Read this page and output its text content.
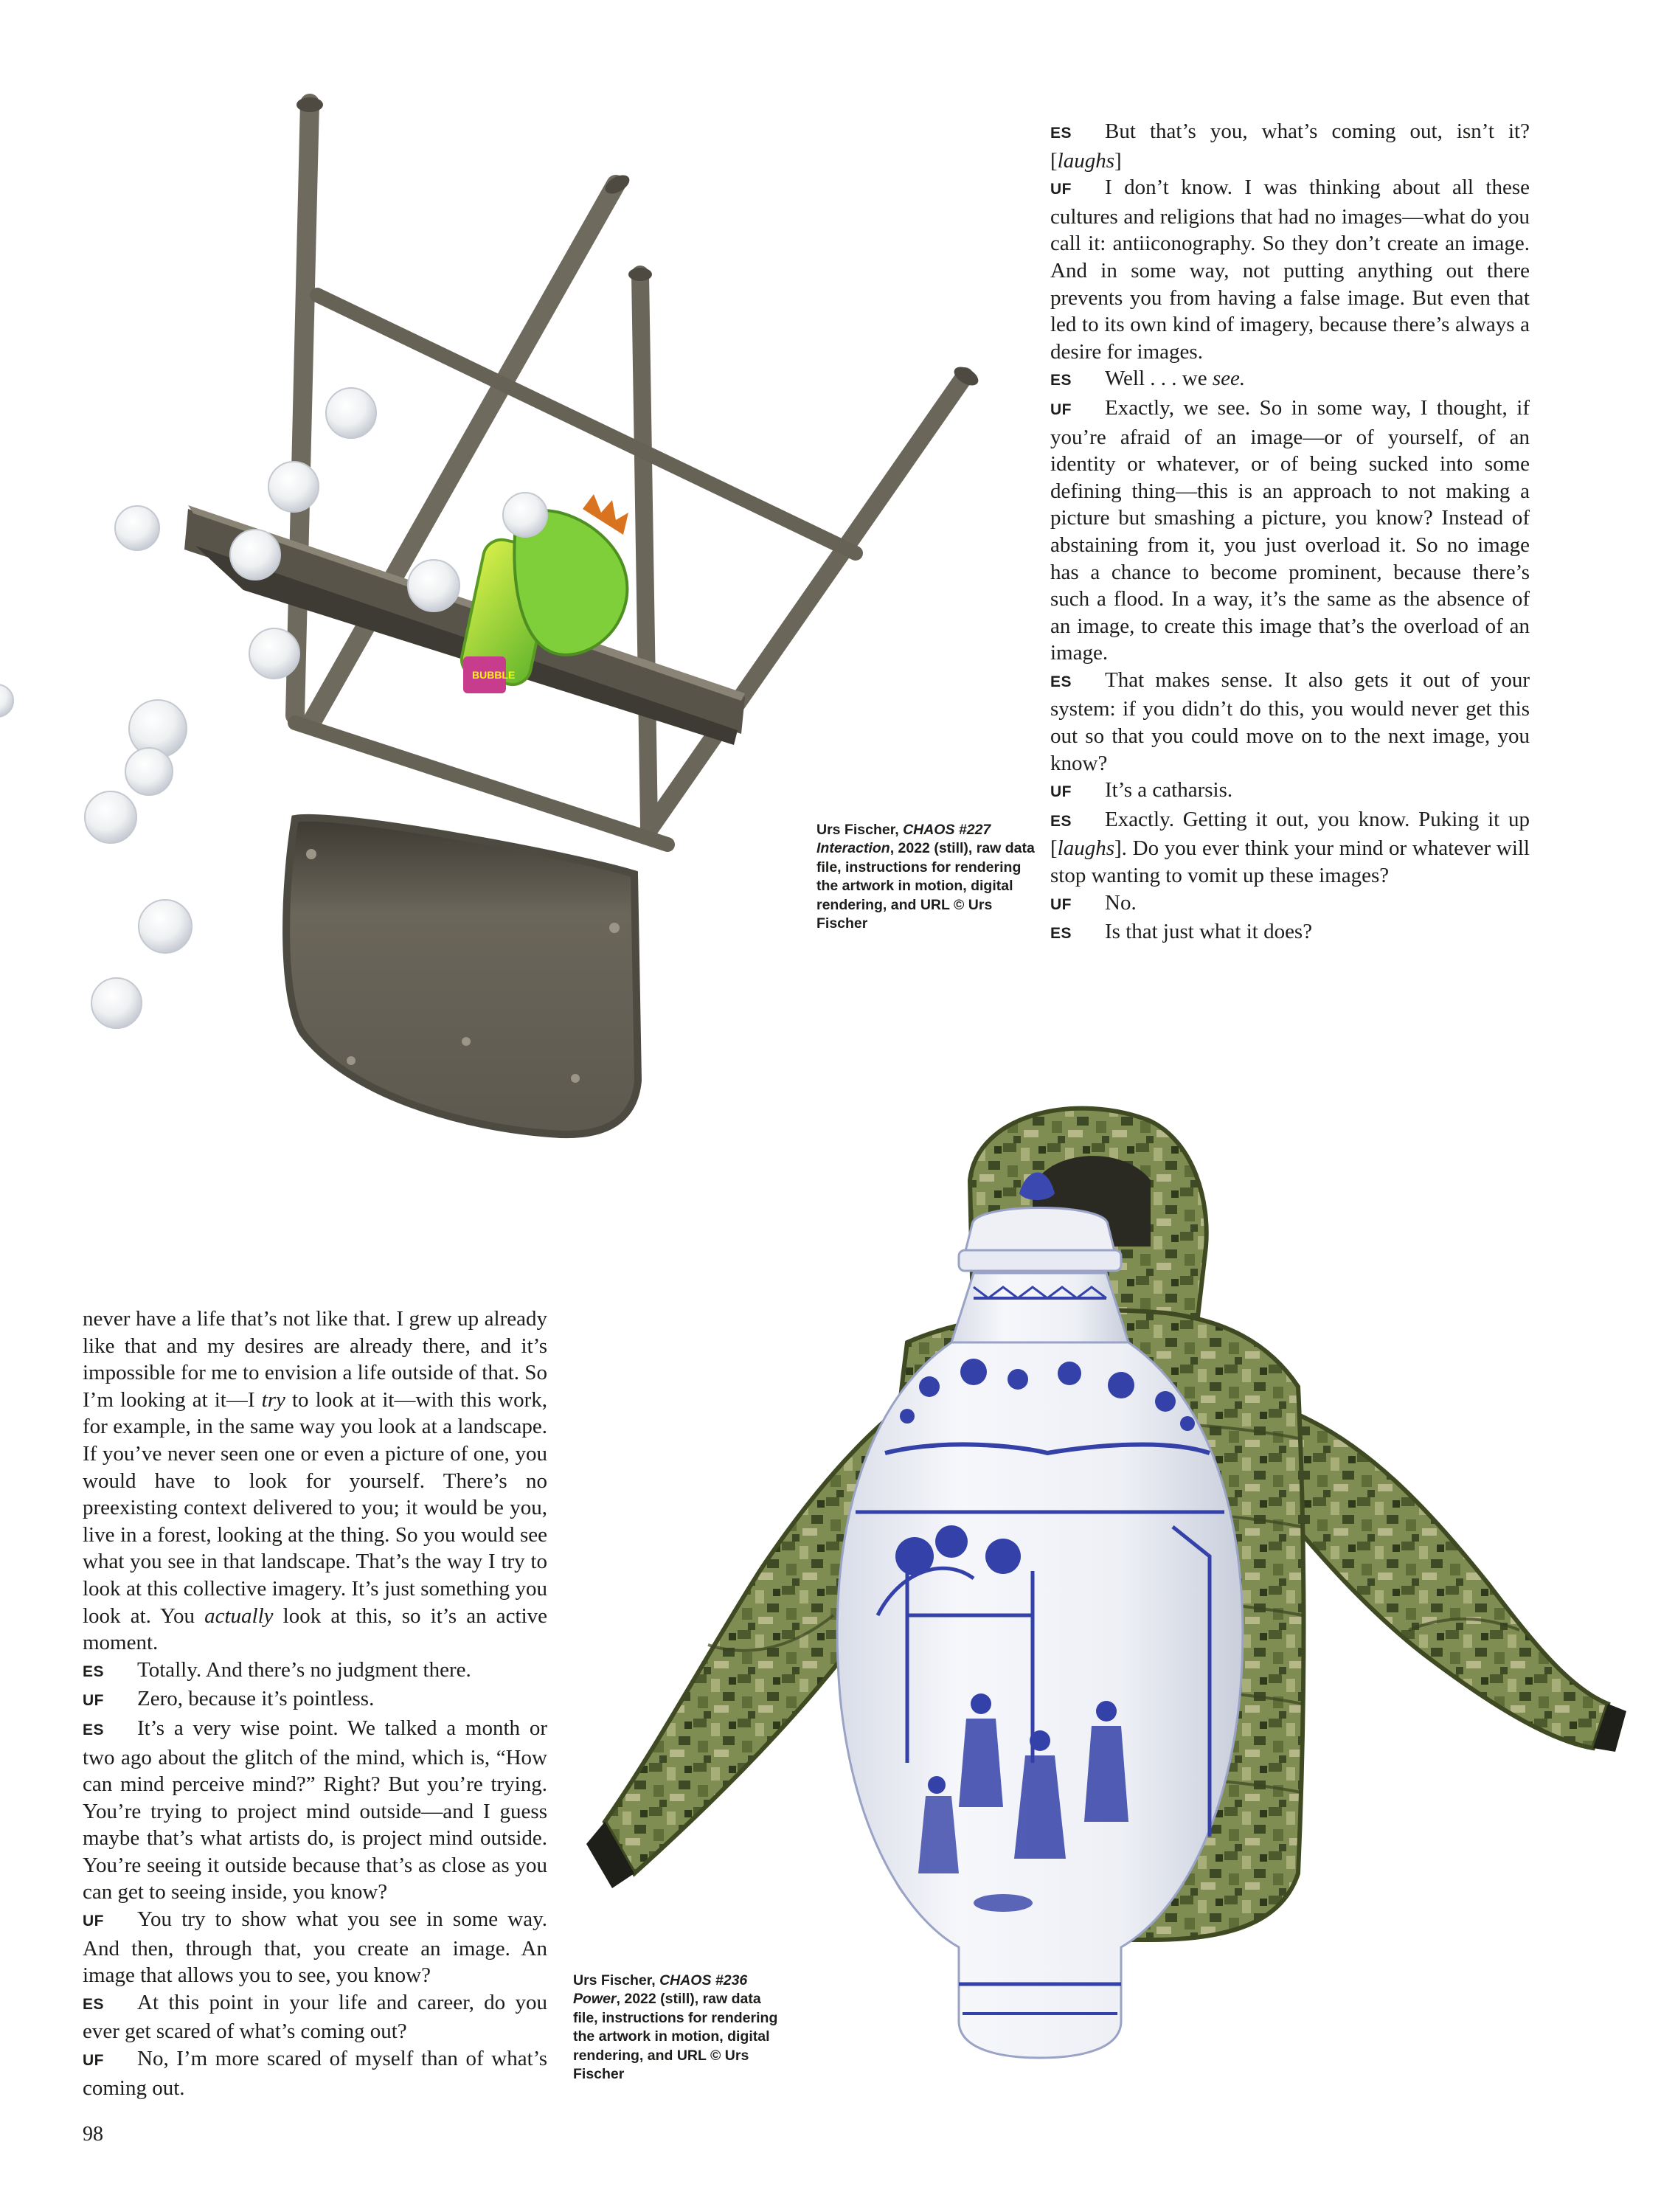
BUBBLE

ES But that’s you, what’s coming out, isn’t it? [laughs]

UF I don’t know. I was thinking about all these cultures and religions that had no images—what do you call it: antiiconography. So they don’t create an image. And in some way, not putting anything out there prevents you from having a false image. But even that led to its own kind of imagery, because there’s always a desire for images.

ES Well . . . we see.

UF Exactly, we see. So in some way, I thought, if you’re afraid of an image—or of yourself, of an identity or whatever, or of being sucked into some defining thing—this is an approach to not making a picture but smashing a picture, you know? Instead of abstaining from it, you just overload it. So no image has a chance to become prominent, because there’s such a flood. In a way, it’s the same as the absence of an image, to create this image that’s the overload of an image.

ES That makes sense. It also gets it out of your system: if you didn’t do this, you would never get this out so that you could move on to the next image, you know?

UF It’s a catharsis.

ES Exactly. Getting it out, you know. Puking it up [laughs]. Do you ever think your mind or whatever will stop wanting to vomit up these images?

UF No.

ES Is that just what it does?

Urs Fischer, CHAOS #227 Interaction, 2022 (still), raw data file, instructions for rendering the artwork in motion, digital rendering, and URL © Urs Fischer

never have a life that’s not like that. I grew up already like that and my desires are already there, and it’s impossible for me to envision a life outside of that. So I’m looking at it—I try to look at it—with this work, for example, in the same way you look at a landscape. If you’ve never seen one or even a picture of one, you would have to look for yourself. There’s no preexisting context delivered to you; it would be you, live in a forest, looking at the thing. So you would see what you see in that landscape. That’s the way I try to look at this collective imagery. It’s just something you look at. You actually look at this, so it’s an active moment.

ES Totally. And there’s no judgment there.

UF Zero, because it’s pointless.

ES It’s a very wise point. We talked a month or two ago about the glitch of the mind, which is, “How can mind perceive mind?” Right? But you’re trying. You’re trying to project mind outside—and I guess maybe that’s what artists do, is project mind outside. You’re seeing it outside because that’s as close as you can get to seeing inside, you know?

UF You try to show what you see in some way. And then, through that, you create an image. An image that allows you to see, you know?

ES At this point in your life and career, do you ever get scared of what’s coming out?

UF No, I’m more scared of myself than of what’s coming out.

Urs Fischer, CHAOS #236 Power, 2022 (still), raw data file, instructions for rendering the artwork in motion, digital rendering, and URL © Urs Fischer
98
